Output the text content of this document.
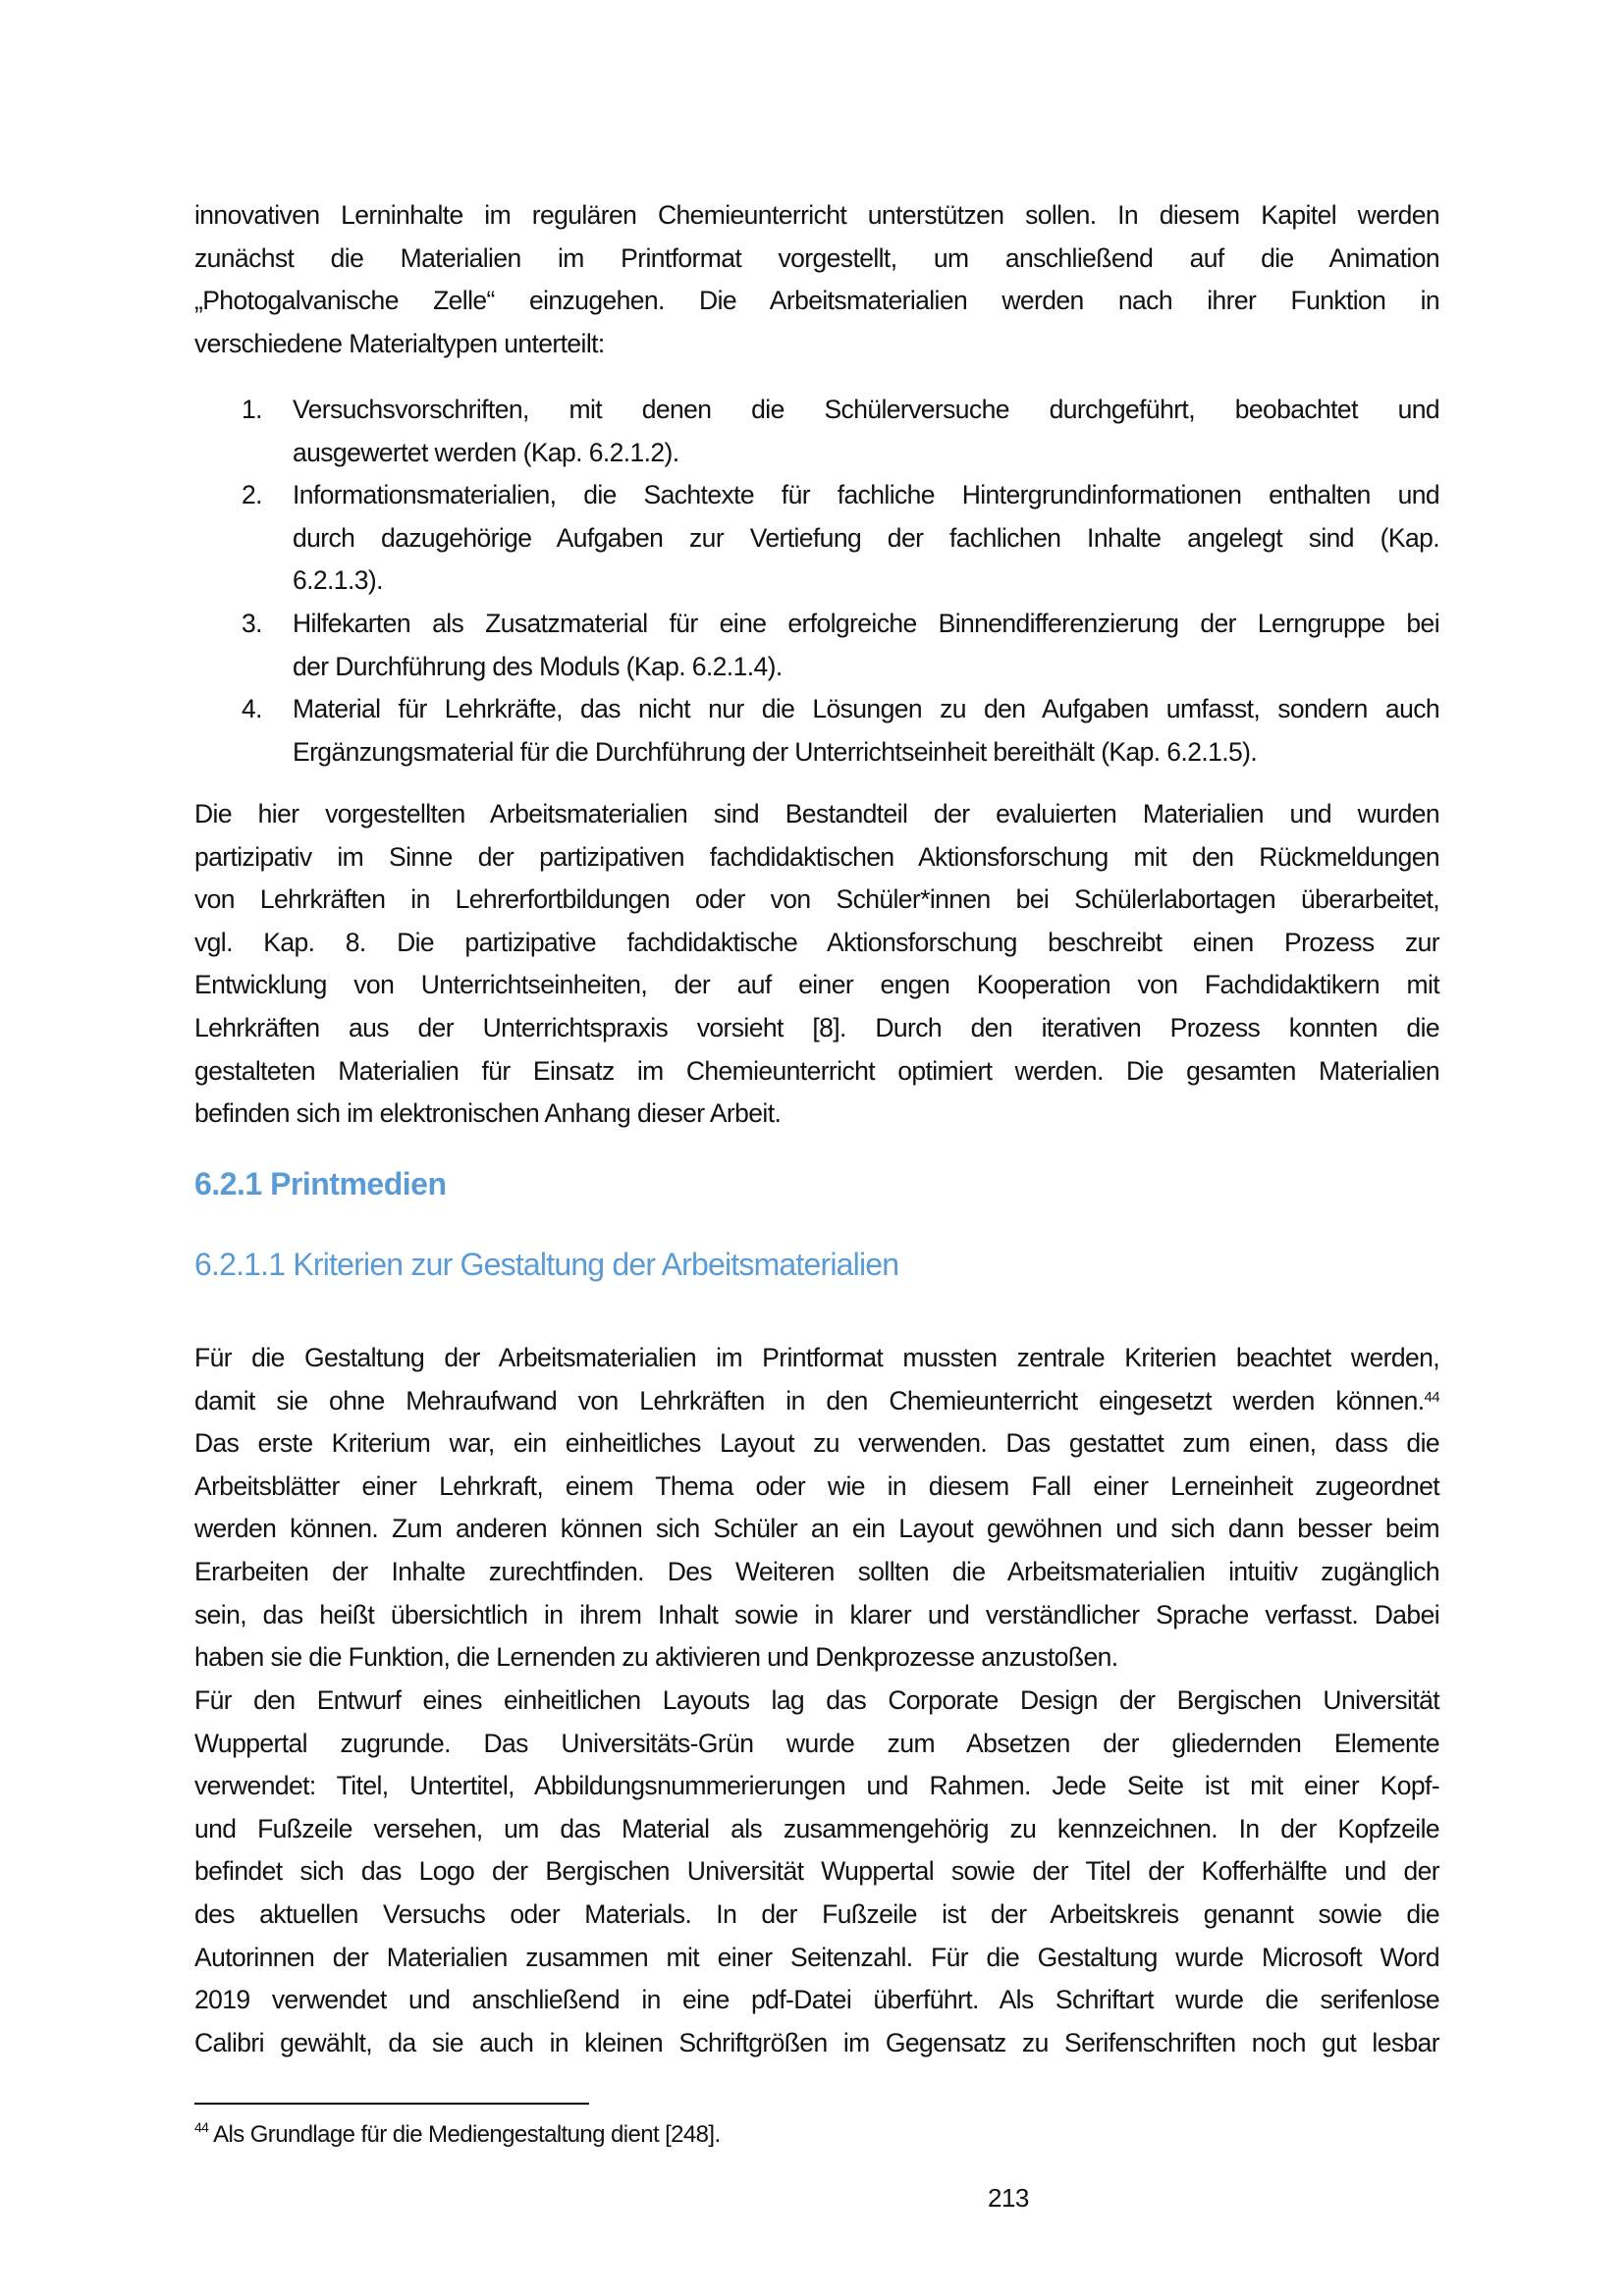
innovativen Lerninhalte im regulären Chemieunterricht unterstützen sollen. In diesem Kapitel werden
zunächst die Materialien im Printformat vorgestellt, um anschließend auf die Animation
„Photogalvanische Zelle“ einzugehen. Die Arbeitsmaterialien werden nach ihrer Funktion in
verschiedene Materialtypen unterteilt:
1. Versuchsvorschriften, mit denen die Schülerversuche durchgeführt, beobachtet und
ausgewertet werden (Kap. 6.2.1.2).
2. Informationsmaterialien, die Sachtexte für fachliche Hintergrundinformationen enthalten und
durch dazugehörige Aufgaben zur Vertiefung der fachlichen Inhalte angelegt sind (Kap.
6.2.1.3).
3. Hilfekarten als Zusatzmaterial für eine erfolgreiche Binnendifferenzierung der Lerngruppe bei
der Durchführung des Moduls (Kap. 6.2.1.4).
4. Material für Lehrkräfte, das nicht nur die Lösungen zu den Aufgaben umfasst, sondern auch
Ergänzungsmaterial für die Durchführung der Unterrichtseinheit bereithält (Kap. 6.2.1.5).
Die hier vorgestellten Arbeitsmaterialien sind Bestandteil der evaluierten Materialien und wurden
partizipativ im Sinne der partizipativen fachdidaktischen Aktionsforschung mit den Rückmeldungen
von Lehrkräften in Lehrerfortbildungen oder von Schüler*innen bei Schülerlabortagen überarbeitet,
vgl. Kap. 8. Die partizipative fachdidaktische Aktionsforschung beschreibt einen Prozess zur
Entwicklung von Unterrichtseinheiten, der auf einer engen Kooperation von Fachdidaktikern mit
Lehrkräften aus der Unterrichtspraxis vorsieht [8]. Durch den iterativen Prozess konnten die
gestalteten Materialien für Einsatz im Chemieunterricht optimiert werden. Die gesamten Materialien
befinden sich im elektronischen Anhang dieser Arbeit.
6.2.1 Printmedien
6.2.1.1 Kriterien zur Gestaltung der Arbeitsmaterialien
Für die Gestaltung der Arbeitsmaterialien im Printformat mussten zentrale Kriterien beachtet werden,
damit sie ohne Mehraufwand von Lehrkräften in den Chemieunterricht eingesetzt werden können.$^{44}$
Das erste Kriterium war, ein einheitliches Layout zu verwenden. Das gestattet zum einen, dass die
Arbeitsblätter einer Lehrkraft, einem Thema oder wie in diesem Fall einer Lerneinheit zugeordnet
werden können. Zum anderen können sich Schüler an ein Layout gewöhnen und sich dann besser beim
Erarbeiten der Inhalte zurechtfinden. Des Weiteren sollten die Arbeitsmaterialien intuitiv zugänglich
sein, das heißt übersichtlich in ihrem Inhalt sowie in klarer und verständlicher Sprache verfasst. Dabei
haben sie die Funktion, die Lernenden zu aktivieren und Denkprozesse anzustoßen.
Für den Entwurf eines einheitlichen Layouts lag das Corporate Design der Bergischen Universität
Wuppertal zugrunde. Das Universitäts-Grün wurde zum Absetzen der gliedernden Elemente
verwendet: Titel, Untertitel, Abbildungsnummerierungen und Rahmen. Jede Seite ist mit einer Kopf-
und Fußzeile versehen, um das Material als zusammengehörig zu kennzeichnen. In der Kopfzeile
befindet sich das Logo der Bergischen Universität Wuppertal sowie der Titel der Kofferhälfte und der
des aktuellen Versuchs oder Materials. In der Fußzeile ist der Arbeitskreis genannt sowie die
Autorinnen der Materialien zusammen mit einer Seitenzahl. Für die Gestaltung wurde Microsoft Word
2019 verwendet und anschließend in eine pdf-Datei überführt. Als Schriftart wurde die serifenlose
Calibri gewählt, da sie auch in kleinen Schriftgrößen im Gegensatz zu Serifenschriften noch gut lesbar
$^{44}$ Als Grundlage für die Mediengestaltung dient [248].
213
